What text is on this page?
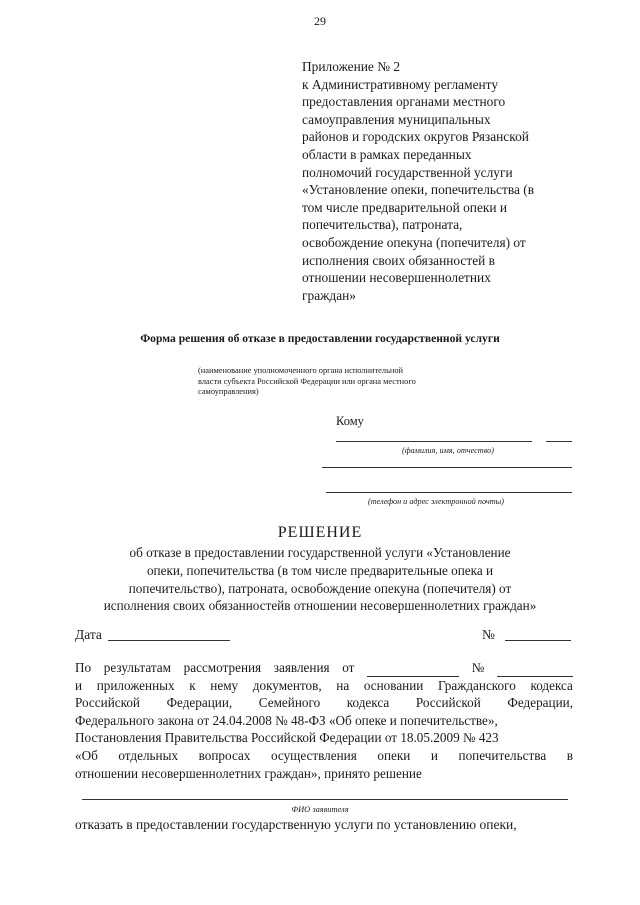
29
Приложение № 2
к Административному регламенту
предоставления органами местного
самоуправления муниципальных
районов и городских округов Рязанской
области в рамках переданных
полномочий государственной услуги
«Установление опеки, попечительства (в
том числе предварительной опеки и
попечительства), патроната,
освобождение опекуна (попечителя) от
исполнения своих обязанностей в
отношении несовершеннолетних
граждан»
Форма решения об отказе в предоставлении государственной услуги
(наименование уполномоченного органа исполнительной
власти субъекта Российской Федерации или органа местного
самоуправления)
Кому
(фамилия, имя, отчество)
(телефон и адрес электронной почты)
РЕШЕНИЕ
об отказе в предоставлении государственной услуги «Установление
опеки, попечительства (в том числе предварительные опека и
попечительство), патроната, освобождение опекуна (попечителя) от
исполнения своих обязанностейв отношении несовершеннолетних граждан»
Дата	№
По результатам рассмотрения заявления от	№
и приложенных к нему документов, на основании Гражданского кодекса
Российской Федерации, Семейного кодекса Российской Федерации,
Федерального закона от 24.04.2008 № 48-ФЗ «Об опеке и попечительстве»,
Постановления Правительства Российской Федерации от 18.05.2009 № 423
«Об отдельных вопросах осуществления опеки и попечительства в
отношении несовершеннолетних граждан», принято решение
ФИО заявителя
отказать в предоставлении государственную услуги по установлению опеки,
